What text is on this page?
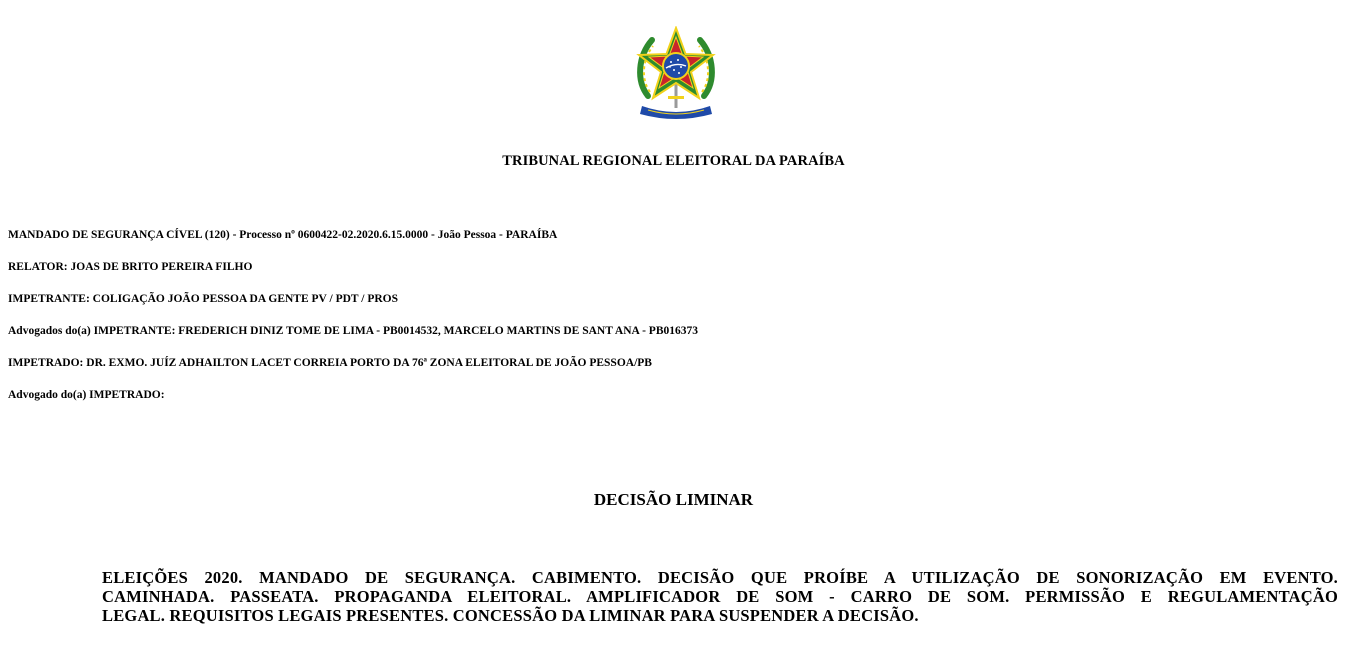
TRIBUNAL REGIONAL ELEITORAL DA PARAÍBA
MANDADO DE SEGURANÇA CÍVEL (120) - Processo nº 0600422-02.2020.6.15.0000 - João Pessoa - PARAÍBA
RELATOR: JOAS DE BRITO PEREIRA FILHO
IMPETRANTE: COLIGAÇÃO JOÃO PESSOA DA GENTE PV / PDT / PROS
Advogados do(a) IMPETRANTE: FREDERICH DINIZ TOME DE LIMA - PB0014532, MARCELO MARTINS DE SANT ANA - PB016373
IMPETRADO: DR. EXMO. JUÍZ ADHAILTON LACET CORREIA PORTO DA 76ª ZONA ELEITORAL DE JOÃO PESSOA/PB
Advogado do(a) IMPETRADO:
DECISÃO LIMINAR
ELEIÇÕES 2020. MANDADO DE SEGURANÇA. CABIMENTO. DECISÃO QUE PROÍBE A UTILIZAÇÃO DE SONORIZAÇÃO EM EVENTO.
CAMINHADA. PASSEATA. PROPAGANDA ELEITORAL. AMPLIFICADOR DE SOM - CARRO DE SOM. PERMISSÃO E REGULAMENTAÇÃO
LEGAL. REQUISITOS LEGAIS PRESENTES. CONCESSÃO DA LIMINAR PARA SUSPENDER A DECISÃO.
